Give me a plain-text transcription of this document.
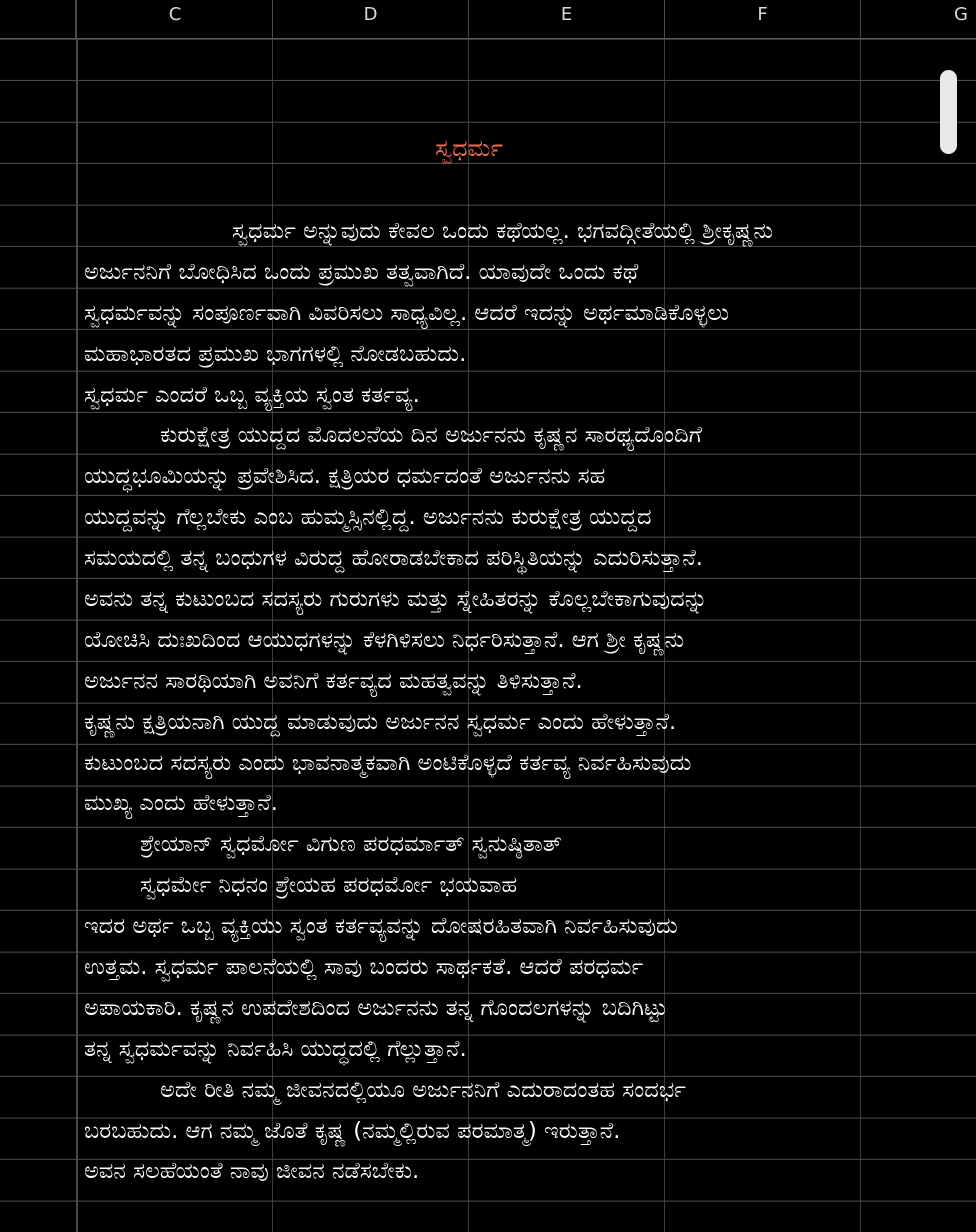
C	D	E	F	G
ಸ್ವಧರ್ಮ
ಸ್ವಧರ್ಮ ಅನ್ನುವುದು ಕೇವಲ ಒಂದು ಕಥೆಯಲ್ಲ. ಭಗವದ್ಗೀತೆಯಲ್ಲಿ ಶ್ರೀಕೃಷ್ಣನು
ಅರ್ಜುನನಿಗೆ ಬೋಧಿಸಿದ ಒಂದು ಪ್ರಮುಖ ತತ್ವವಾಗಿದೆ. ಯಾವುದೇ ಒಂದು ಕಥೆ
ಸ್ವಧರ್ಮವನ್ನು ಸಂಪೂರ್ಣವಾಗಿ ವಿವರಿಸಲು ಸಾಧ್ಯವಿಲ್ಲ. ಆದರೆ ಇದನ್ನು ಅರ್ಥಮಾಡಿಕೊಳ್ಳಲು
ಮಹಾಭಾರತದ ಪ್ರಮುಖ ಭಾಗಗಳಲ್ಲಿ ನೋಡಬಹುದು.
ಸ್ವಧರ್ಮ ಎಂದರೆ ಒಬ್ಬ ವ್ಯಕ್ತಿಯ ಸ್ವಂತ ಕರ್ತವ್ಯ.
ಕುರುಕ್ಷೇತ್ರ ಯುದ್ದದ ಮೊದಲನೆಯ ದಿನ ಅರ್ಜುನನು ಕೃಷ್ಣನ ಸಾರಥ್ಯದೊಂದಿಗೆ
ಯುದ್ಧಭೂಮಿಯನ್ನು ಪ್ರವೇಶಿಸಿದ. ಕ್ಷತ್ರಿಯರ ಧರ್ಮದಂತೆ ಅರ್ಜುನನು ಸಹ
ಯುದ್ದವನ್ನು ಗೆಲ್ಲಬೇಕು ಎಂಬ ಹುಮ್ಮಸ್ಸಿನಲ್ಲಿದ್ದ. ಅರ್ಜುನನು ಕುರುಕ್ಷೇತ್ರ ಯುದ್ದದ
ಸಮಯದಲ್ಲಿ ತನ್ನ ಬಂಧುಗಳ ವಿರುದ್ದ ಹೋರಾಡಬೇಕಾದ ಪರಿಸ್ಥಿತಿಯನ್ನು ಎದುರಿಸುತ್ತಾನೆ.
ಅವನು ತನ್ನ ಕುಟುಂಬದ ಸದಸ್ಯರು ಗುರುಗಳು ಮತ್ತು ಸ್ನೇಹಿತರನ್ನು ಕೊಲ್ಲಬೇಕಾಗುವುದನ್ನು
ಯೋಚಿಸಿ ದುಃಖದಿಂದ ಆಯುಧಗಳನ್ನು ಕೆಳಗಿಳಿಸಲು ನಿರ್ಧರಿಸುತ್ತಾನೆ. ಆಗ ಶ್ರೀ ಕೃಷ್ಣನು
ಅರ್ಜುನನ ಸಾರಥಿಯಾಗಿ ಅವನಿಗೆ ಕರ್ತವ್ಯದ ಮಹತ್ವವನ್ನು ತಿಳಿಸುತ್ತಾನೆ.
ಕೃಷ್ಣನು ಕ್ಷತ್ರಿಯನಾಗಿ ಯುದ್ದ ಮಾಡುವುದು ಅರ್ಜುನನ ಸ್ವಧರ್ಮ ಎಂದು ಹೇಳುತ್ತಾನೆ.
ಕುಟುಂಬದ ಸದಸ್ಯರು ಎಂದು ಭಾವನಾತ್ಮಕವಾಗಿ ಅಂಟಿಕೊಳ್ಳದೆ ಕರ್ತವ್ಯ ನಿರ್ವಹಿಸುವುದು
ಮುಖ್ಯ ಎಂದು ಹೇಳುತ್ತಾನೆ.
ಶ್ರೇಯಾನ್ ಸ್ವಧರ್ಮೋ ವಿಗುಣ ಪರಧರ್ಮಾತ್ ಸ್ವನುಷ್ಠಿತಾತ್
ಸ್ವಧರ್ಮೇ ನಿಧನಂ ಶ್ರೇಯಹ ಪರಧರ್ಮೋ ಭಯವಾಹ
ಇದರ ಅರ್ಥ ಒಬ್ಬ ವ್ಯಕ್ತಿಯು ಸ್ವಂತ ಕರ್ತವ್ಯವನ್ನು ದೋಷರಹಿತವಾಗಿ ನಿರ್ವಹಿಸುವುದು
ಉತ್ತಮ. ಸ್ವಧರ್ಮ ಪಾಲನೆಯಲ್ಲಿ ಸಾವು ಬಂದರು ಸಾರ್ಥಕತೆ. ಆದರೆ ಪರಧರ್ಮ
ಅಪಾಯಕಾರಿ. ಕೃಷ್ಣನ ಉಪದೇಶದಿಂದ ಅರ್ಜುನನು ತನ್ನ ಗೊಂದಲಗಳನ್ನು ಬದಿಗಿಟ್ಟು
ತನ್ನ ಸ್ವಧರ್ಮವನ್ನು ನಿರ್ವಹಿಸಿ ಯುದ್ಧದಲ್ಲಿ ಗೆಲ್ಲುತ್ತಾನೆ.
ಅದೇ ರೀತಿ ನಮ್ಮ ಜೀವನದಲ್ಲಿಯೂ ಅರ್ಜುನನಿಗೆ ಎದುರಾದಂತಹ ಸಂದರ್ಭ
ಬರಬಹುದು. ಆಗ ನಮ್ಮ ಜೊತೆ ಕೃಷ್ಣ (ನಮ್ಮಲ್ಲಿರುವ ಪರಮಾತ್ಮ) ಇರುತ್ತಾನೆ.
ಅವನ ಸಲಹೆಯಂತೆ ನಾವು ಜೀವನ ನಡೆಸಬೇಕು.
